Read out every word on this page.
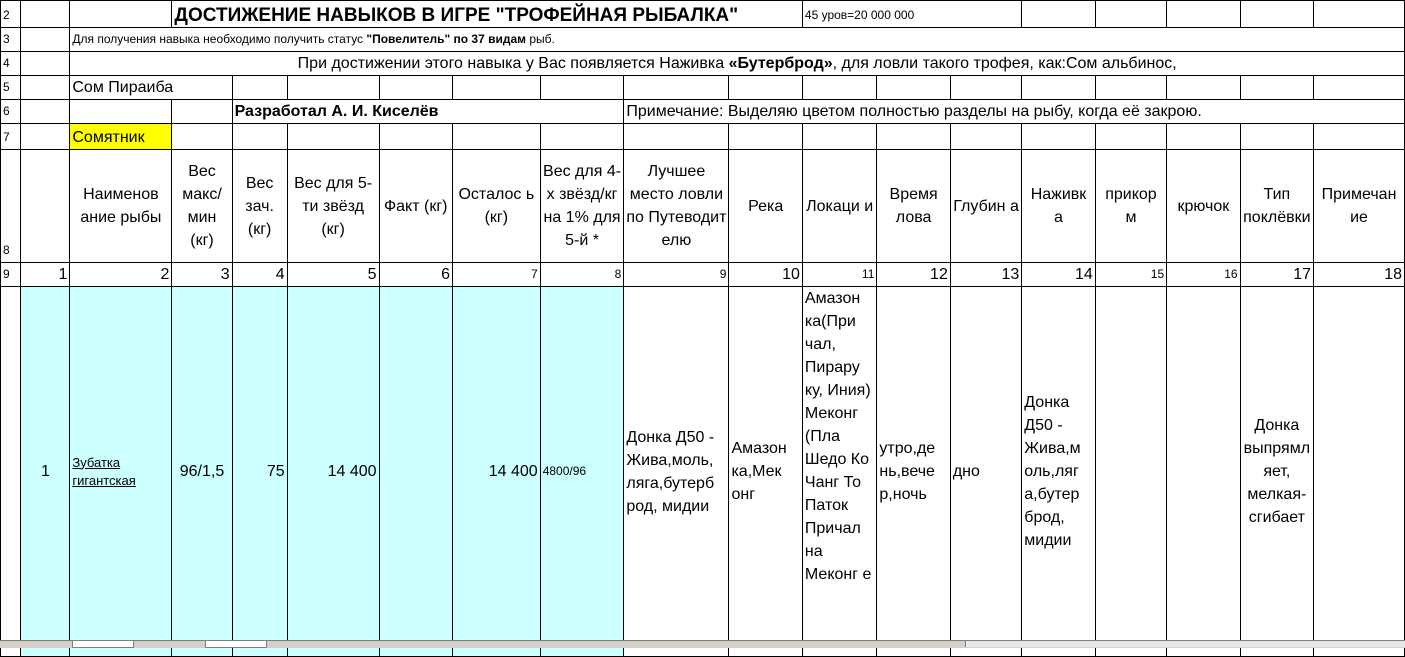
2			ДОСТИЖЕНИЕ НАВЫКОВ В ИГРЕ "ТРОФЕЙНАЯ РЫБАЛКА"								45 уров=20 000 000							
3		Для получения навыка необходимо получить статус "Повелитель" по 37 видам рыб.																
4		При достижении этого навыка у Вас появляется Наживка «Бутерброд», для ловли такого трофея, как:Сом альбинос,																
5		Сом Пираиба																
6				Разработал А. И. Киселёв					Примечание: Выделяю цветом полностью разделы на рыбу, когда её закрою.									
7		Сомятник																
8		Наименов ание рыбы	Вес макс/ мин (кг)	Вес зач. (кг)	Вес для 5-ти звёзд (кг)	Факт (кг)	Осталос ь (кг)	Вес для 4-х звёзд/кг на 1% для 5-й *	Лучшее место ловли по Путеводит елю	Река	Локаци и	Время лова	Глубин а	Наживк а	прикор м	крючок	Тип поклёвки	Примечан ие
9	1	2	3	4	5	6	7	8	9	10	11	12	13	14	15	16	17	18
	1	Зубатка гигантская	96/1,5	75	14 400		14 400	4800/96	Донка Д50 - Жива,моль, ляга,бутерб род, мидии	Амазон ка,Мек онг	Амазон ка(При чал, Пирару ку, Иния) Меконг (Пла Шедо Ко Чанг То Паток Причал на Меконг е	утро,де нь,вече р,ночь	дно	Донка Д50 - Жива,м оль,ляг а,бутер брод, мидии			Донка выпрямл яет, мелкая- сгибает	
